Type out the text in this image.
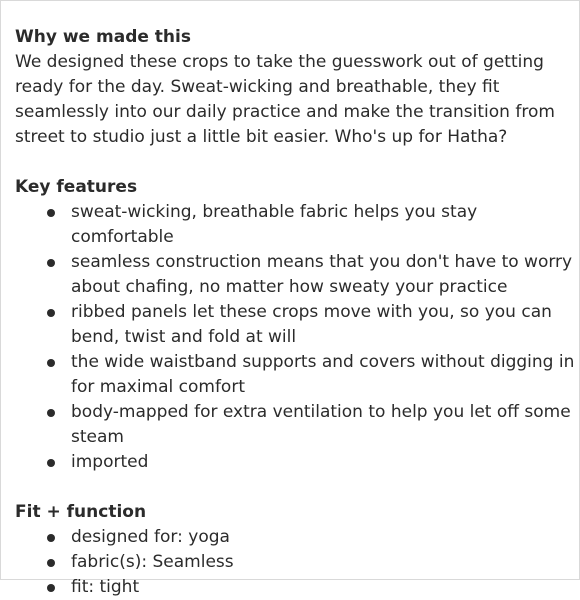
Why we made this

We designed these crops to take the guesswork out of getting ready for the day. Sweat-wicking and breathable, they fit seamlessly into our daily practice and make the transition from street to studio just a little bit easier. Who's up for Hatha?

Key features
sweat-wicking, breathable fabric helps you stay comfortable
seamless construction means that you don't have to worry about chafing, no matter how sweaty your practice
ribbed panels let these crops move with you, so you can bend, twist and fold at will
the wide waistband supports and covers without digging in for maximal comfort
body-mapped for extra ventilation to help you let off some steam
imported
Fit + function
designed for: yoga
fabric(s): Seamless
fit: tight
